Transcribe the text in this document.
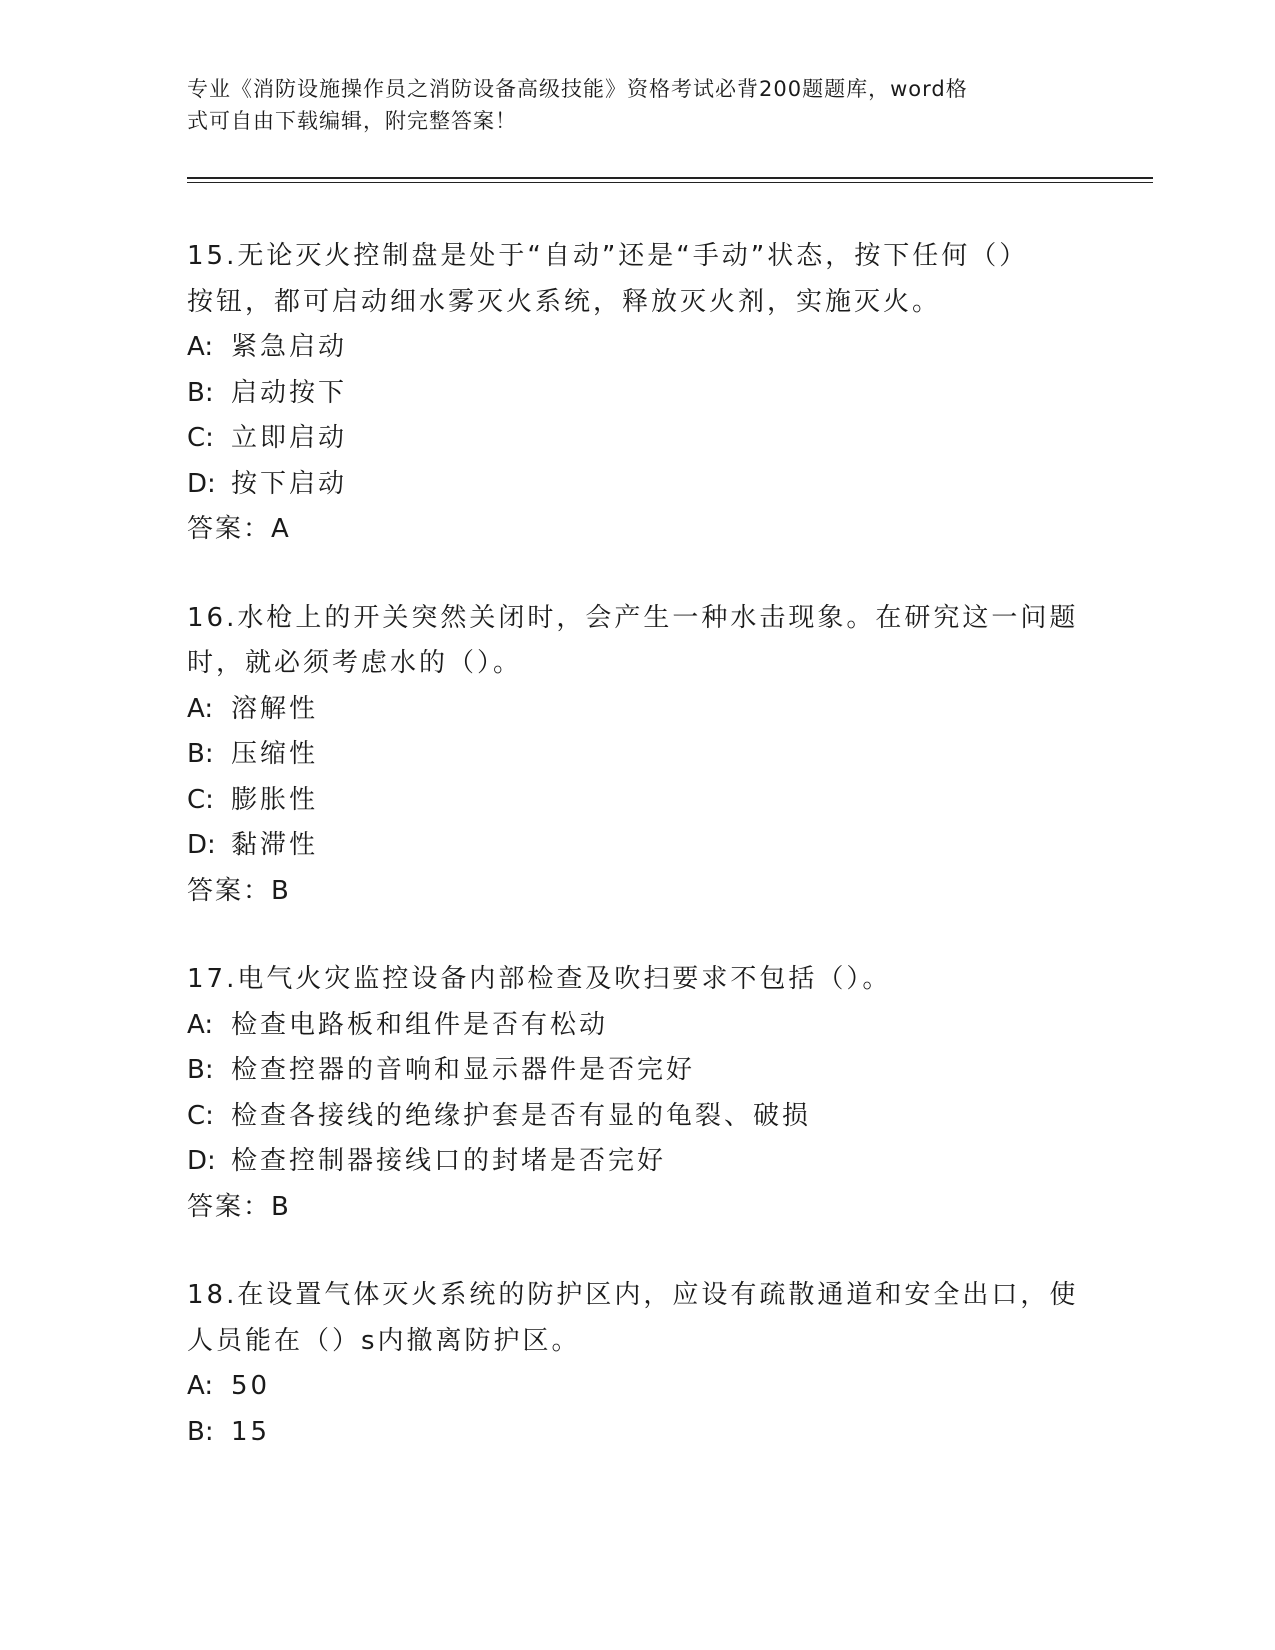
专业《消防设施操作员之消防设备高级技能》资格考试必背200题题库，word格
式可自由下载编辑，附完整答案！

15.无论灭火控制盘是处于“自动”还是“手动”状态，按下任何（）
按钮，都可启动细水雾灭火系统，释放灭火剂，实施灭火。

A: 紧急启动

B: 启动按下

C: 立即启动

D: 按下启动

答案：A

16.水枪上的开关突然关闭时，会产生一种水击现象。在研究这一问题
时，就必须考虑水的（）。

A: 溶解性

B: 压缩性

C: 膨胀性

D: 黏滞性

答案：B

17.电气火灾监控设备内部检查及吹扫要求不包括（）。

A: 检查电路板和组件是否有松动

B: 检查控器的音响和显示器件是否完好

C: 检查各接线的绝缘护套是否有显的龟裂、破损

D: 检查控制器接线口的封堵是否完好

答案：B

18.在设置气体灭火系统的防护区内，应设有疏散通道和安全出口，使
人员能在（）s内撤离防护区。

A: 50

B: 15
